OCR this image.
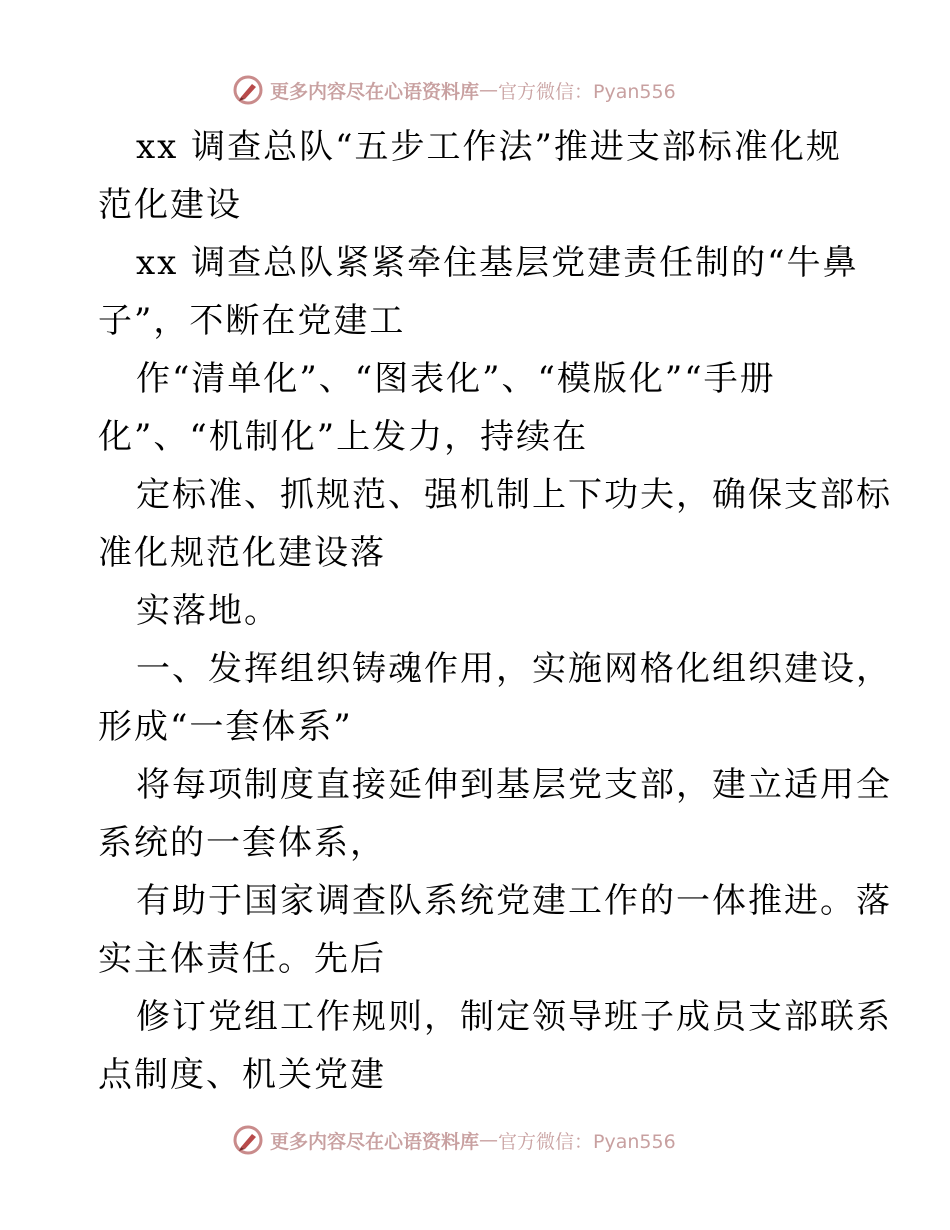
更多内容尽在心语资料库 — 官方微信：Pyan556
xx 调查总队“五步工作法”推进支部标准化规
范化建设
xx 调查总队紧紧牵住基层党建责任制的“牛鼻
子”，不断在党建工
作“清单化”、“图表化”、“模版化”“手册
化”、“机制化”上发力，持续在
定标准、抓规范、强机制上下功夫，确保支部标
准化规范化建设落
实落地。
一、发挥组织铸魂作用，实施网格化组织建设，
形成“一套体系”
将每项制度直接延伸到基层党支部，建立适用全
系统的一套体系，
有助于国家调查队系统党建工作的一体推进。落
实主体责任。先后
修订党组工作规则，制定领导班子成员支部联系
点制度、机关党建
更多内容尽在心语资料库 — 官方微信：Pyan556
